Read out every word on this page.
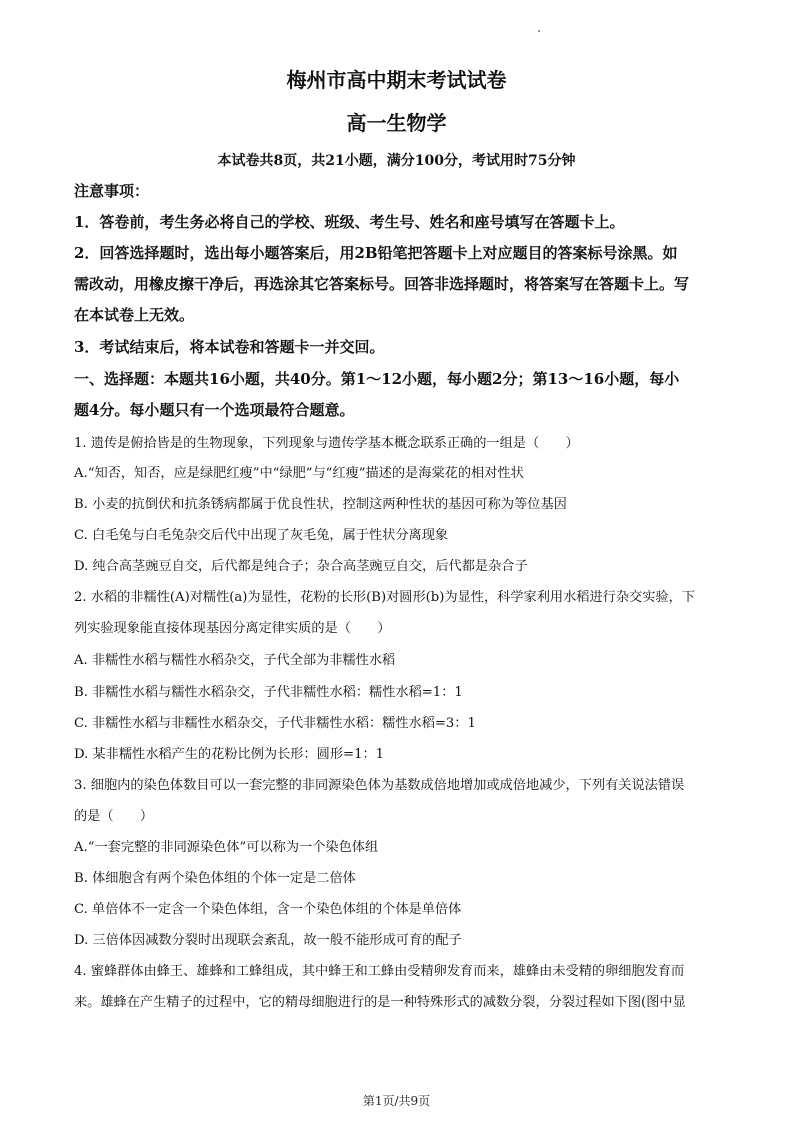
梅州市高中期末考试试卷
高一生物学
本试卷共8页，共21小题，满分100分，考试用时75分钟
注意事项：
1．答卷前，考生务必将自己的学校、班级、考生号、姓名和座号填写在答题卡上。
2．回答选择题时，选出每小题答案后，用2B铅笔把答题卡上对应题目的答案标号涂黑。如
需改动，用橡皮擦干净后，再选涂其它答案标号。回答非选择题时，将答案写在答题卡上。写
在本试卷上无效。
3．考试结束后，将本试卷和答题卡一并交回。
一、选择题：本题共16小题，共40分。第1～12小题，每小题2分；第13～16小题，每小
题4分。每小题只有一个选项最符合题意。
1. 遗传是俯拾皆是的生物现象，下列现象与遗传学基本概念联系正确的一组是（　　）
A.“知否，知否，应是绿肥红瘦”中“绿肥”与“红瘦”描述的是海棠花的相对性状
B. 小麦的抗倒伏和抗条锈病都属于优良性状，控制这两种性状的基因可称为等位基因
C. 白毛兔与白毛兔杂交后代中出现了灰毛兔，属于性状分离现象
D. 纯合高茎豌豆自交，后代都是纯合子；杂合高茎豌豆自交，后代都是杂合子
2. 水稻的非糯性(A)对糯性(a)为显性，花粉的长形(B)对圆形(b)为显性，科学家利用水稻进行杂交实验，下
列实验现象能直接体现基因分离定律实质的是（　　）
A. 非糯性水稻与糯性水稻杂交，子代全部为非糯性水稻
B. 非糯性水稻与糯性水稻杂交，子代非糯性水稻：糯性水稻=1：1
C. 非糯性水稻与非糯性水稻杂交，子代非糯性水稻：糯性水稻=3：1
D. 某非糯性水稻产生的花粉比例为长形：圆形=1：1
3. 细胞内的染色体数目可以一套完整的非同源染色体为基数成倍地增加或成倍地减少，下列有关说法错误
的是（　　）
A.“一套完整的非同源染色体”可以称为一个染色体组
B. 体细胞含有两个染色体组的个体一定是二倍体
C. 单倍体不一定含一个染色体组，含一个染色体组的个体是单倍体
D. 三倍体因减数分裂时出现联会紊乱，故一般不能形成可育的配子
4. 蜜蜂群体由蜂王、雄蜂和工蜂组成，其中蜂王和工蜂由受精卵发育而来，雄蜂由未受精的卵细胞发育而
来。雄蜂在产生精子的过程中，它的精母细胞进行的是一种特殊形式的减数分裂，分裂过程如下图(图中显
第1页/共9页
